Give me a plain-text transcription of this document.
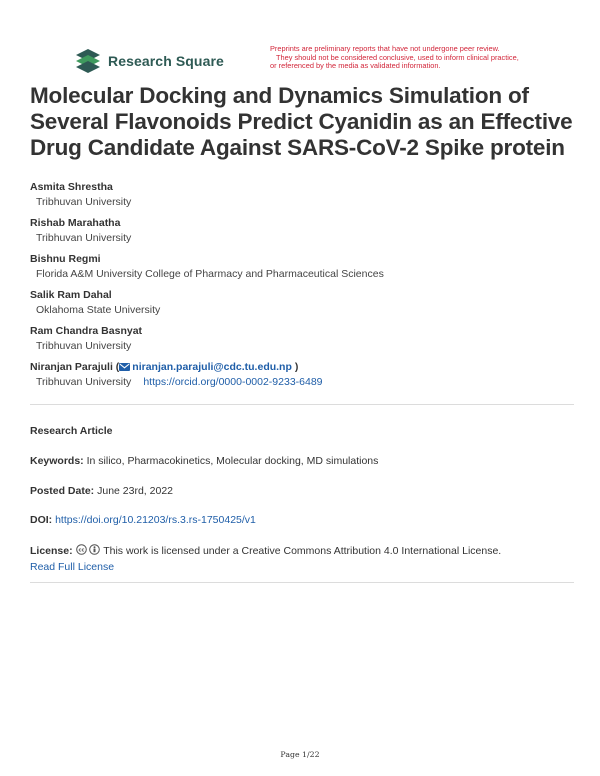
Research Square
Preprints are preliminary reports that have not undergone peer review.
They should not be considered conclusive, used to inform clinical practice,
or referenced by the media as validated information.
Molecular Docking and Dynamics Simulation of
Several Flavonoids Predict Cyanidin as an Effective
Drug Candidate Against SARS-CoV-2 Spike protein
Asmita Shrestha
Tribhuvan University
Rishab Marahatha
Tribhuvan University
Bishnu Regmi
Florida A&M University College of Pharmacy and Pharmaceutical Sciences
Salik Ram Dahal
Oklahoma State University
Ram Chandra Basnyat
Tribhuvan University
Niranjan Parajuli ( niranjan.parajuli@cdc.tu.edu.np )
Tribhuvan University https://orcid.org/0000-0002-9233-6489
Research Article
Keywords: In silico, Pharmacokinetics, Molecular docking, MD simulations
Posted Date: June 23rd, 2022
DOI: https://doi.org/10.21203/rs.3.rs-1750425/v1
License: cc This work is licensed under a Creative Commons Attribution 4.0 International License.
Read Full License
Page 1/22
